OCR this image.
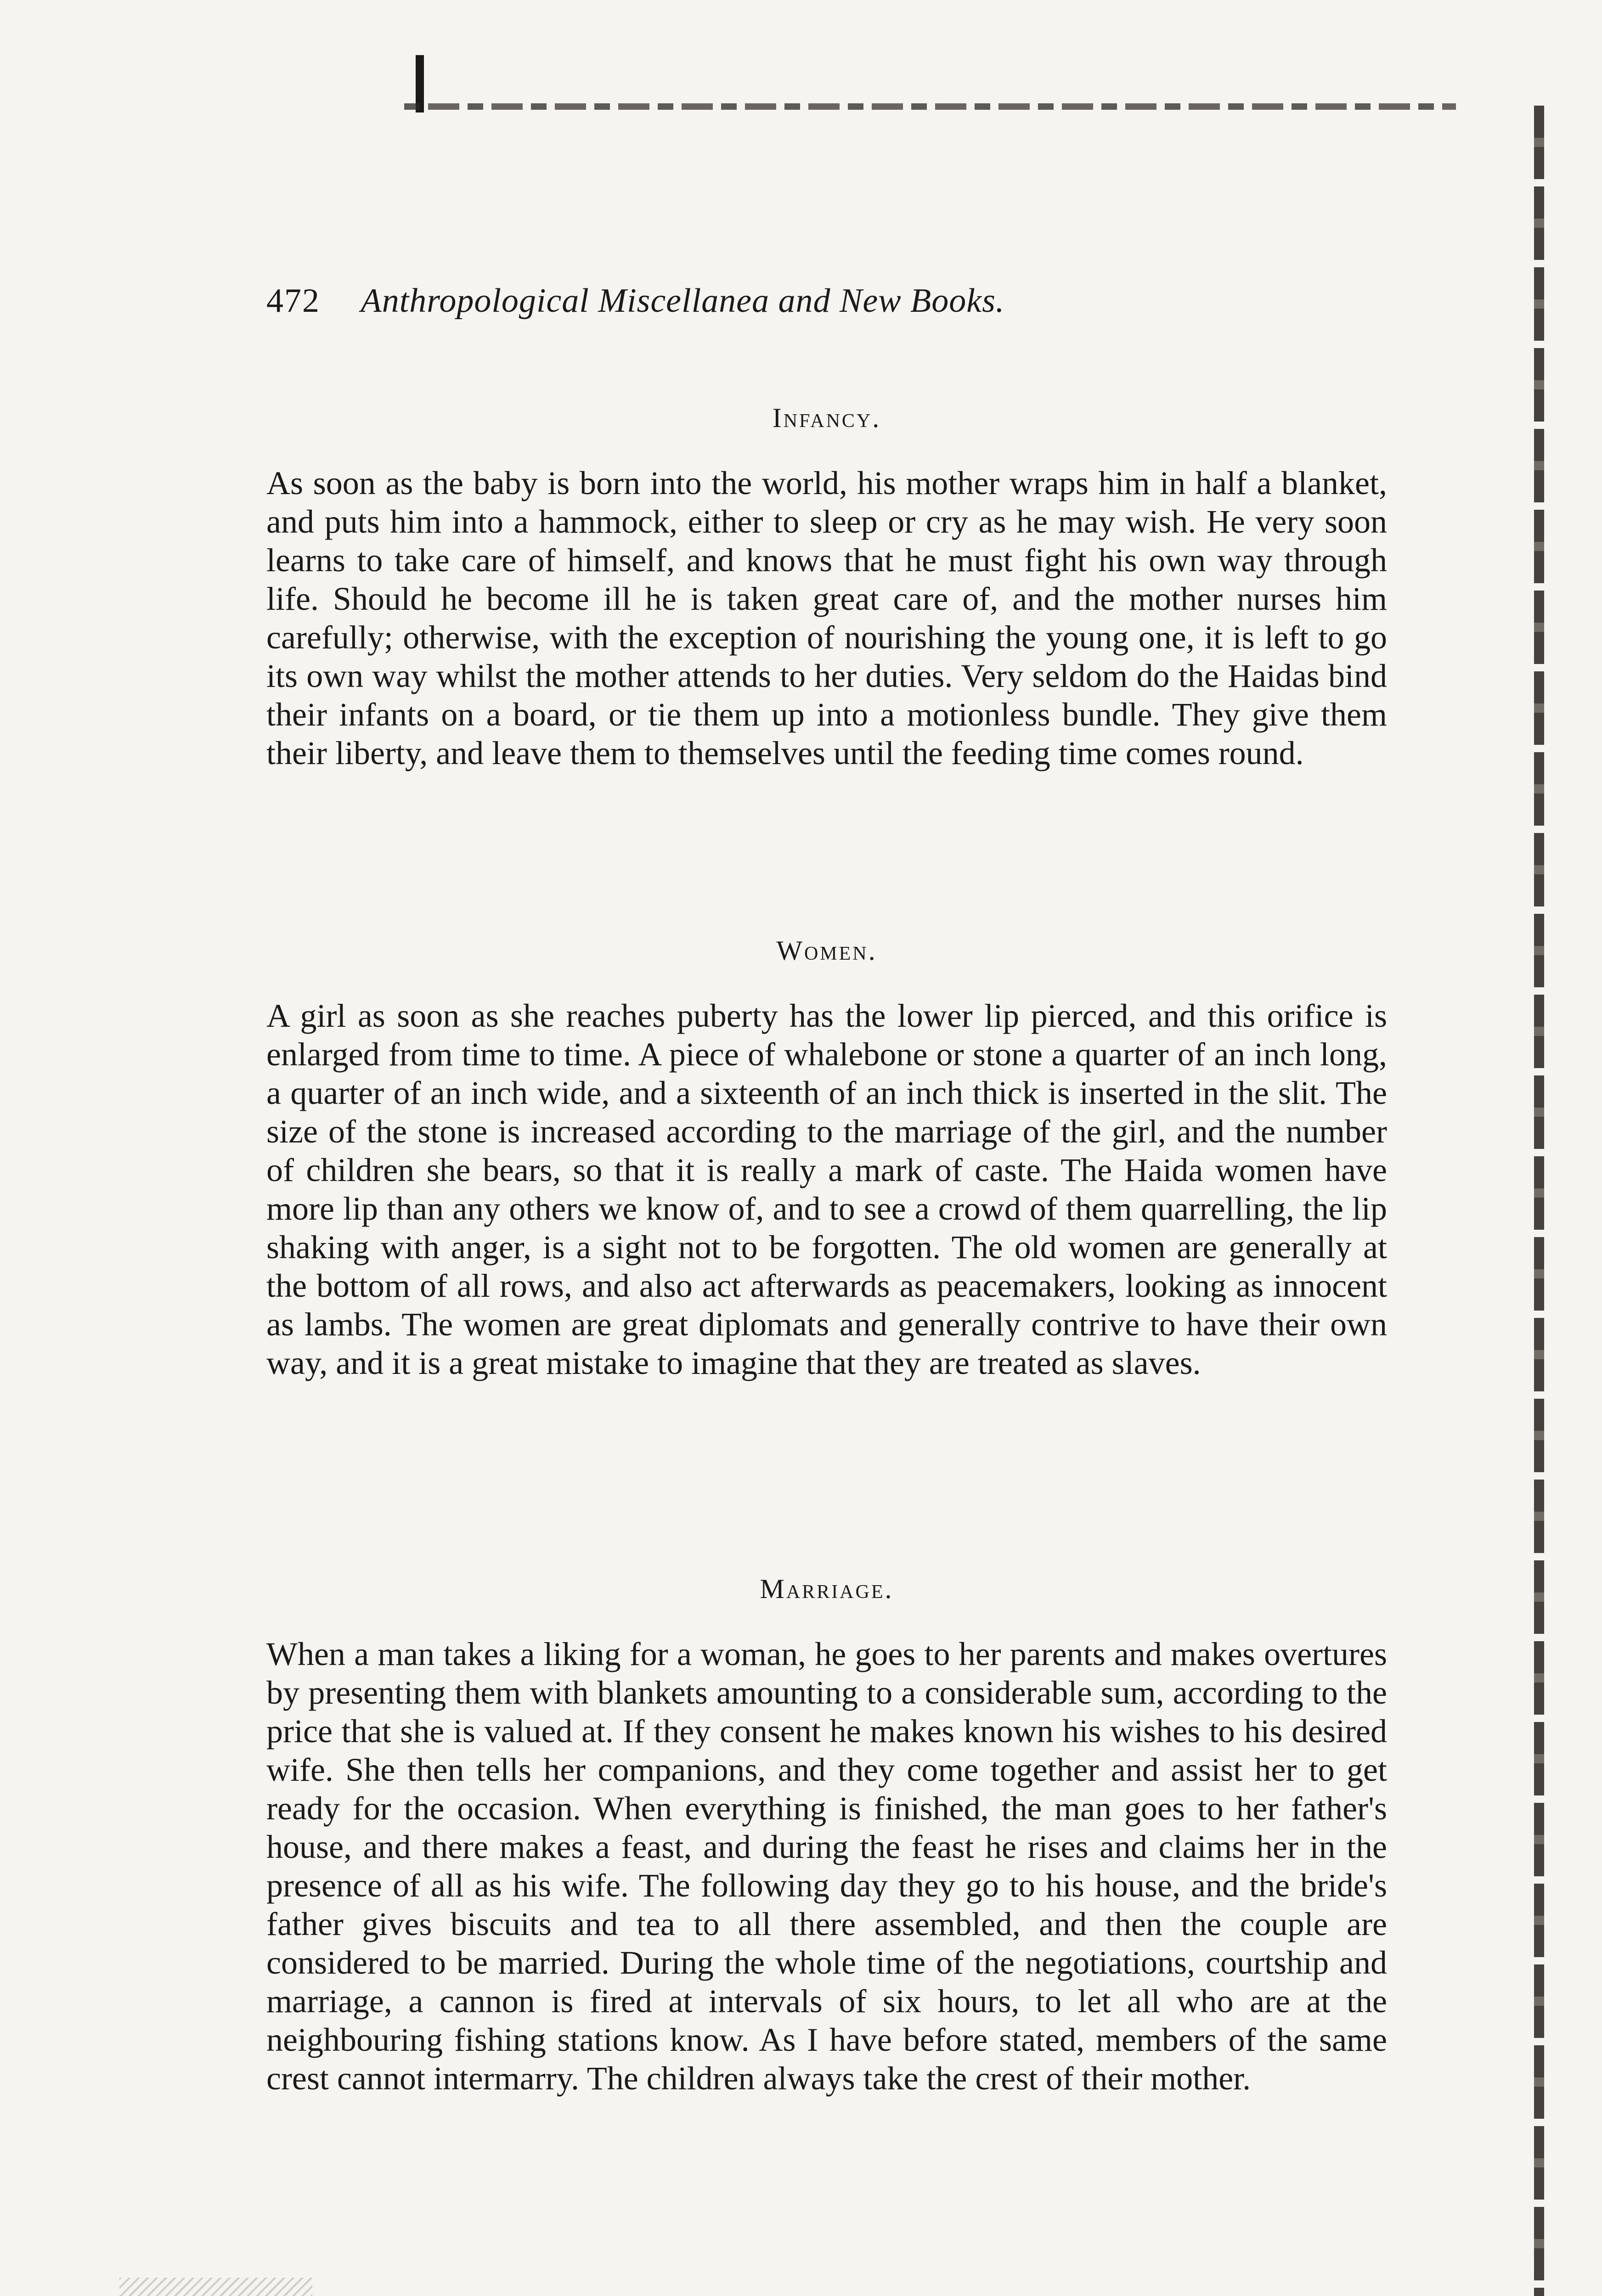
472 Anthropological Miscellanea and New Books.
Infancy.

As soon as the baby is born into the world, his mother wraps him in half a blanket, and puts him into a hammock, either to sleep or cry as he may wish. He very soon learns to take care of himself, and knows that he must fight his own way through life. Should he become ill he is taken great care of, and the mother nurses him carefully; otherwise, with the exception of nourishing the young one, it is left to go its own way whilst the mother attends to her duties. Very seldom do the Haidas bind their infants on a board, or tie them up into a motionless bundle. They give them their liberty, and leave them to themselves until the feeding time comes round.

Women.

A girl as soon as she reaches puberty has the lower lip pierced, and this orifice is enlarged from time to time. A piece of whalebone or stone a quarter of an inch long, a quarter of an inch wide, and a sixteenth of an inch thick is inserted in the slit. The size of the stone is increased according to the marriage of the girl, and the number of children she bears, so that it is really a mark of caste. The Haida women have more lip than any others we know of, and to see a crowd of them quarrelling, the lip shaking with anger, is a sight not to be forgotten. The old women are generally at the bottom of all rows, and also act afterwards as peacemakers, looking as innocent as lambs. The women are great diplomats and generally contrive to have their own way, and it is a great mistake to imagine that they are treated as slaves.

Marriage.

When a man takes a liking for a woman, he goes to her parents and makes overtures by presenting them with blankets amounting to a considerable sum, according to the price that she is valued at. If they consent he makes known his wishes to his desired wife. She then tells her companions, and they come together and assist her to get ready for the occasion. When everything is finished, the man goes to her father's house, and there makes a feast, and during the feast he rises and claims her in the presence of all as his wife. The following day they go to his house, and the bride's father gives biscuits and tea to all there assembled, and then the couple are considered to be married. During the whole time of the negotiations, courtship and marriage, a cannon is fired at intervals of six hours, to let all who are at the neighbouring fishing stations know. As I have before stated, members of the same crest cannot intermarry. The children always take the crest of their mother.
